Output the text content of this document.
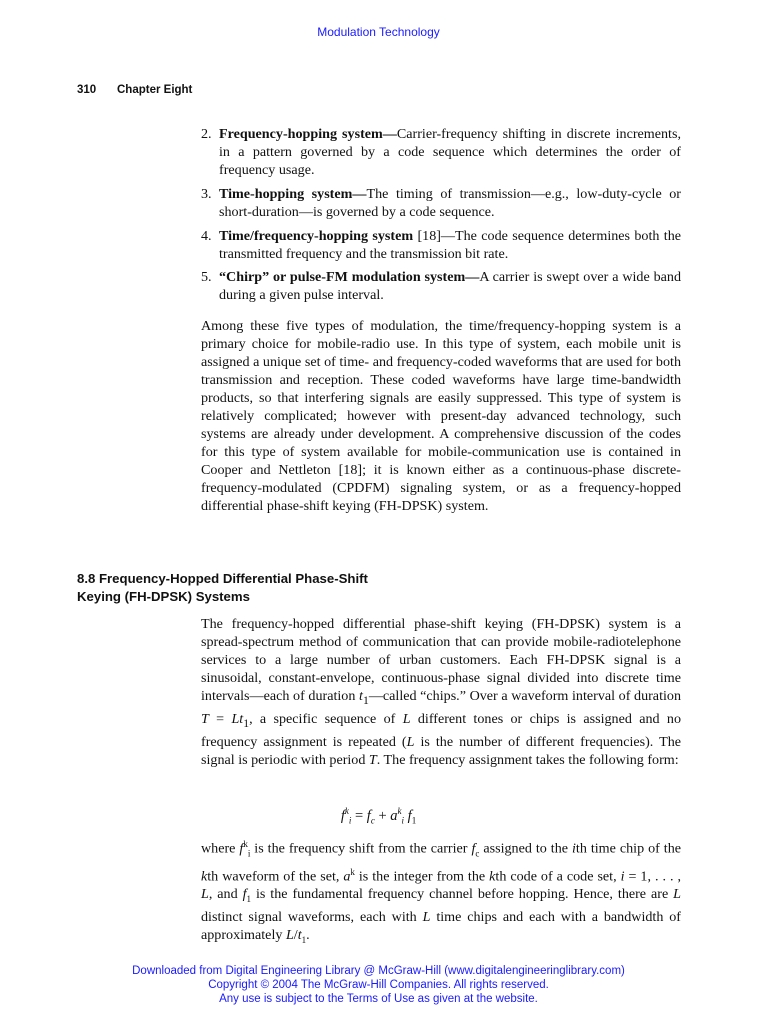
Modulation Technology
310 Chapter Eight
2. Frequency-hopping system—Carrier-frequency shifting in discrete increments, in a pattern governed by a code sequence which determines the order of frequency usage.
3. Time-hopping system—The timing of transmission—e.g., low-duty-cycle or short-duration—is governed by a code sequence.
4. Time/frequency-hopping system [18]—The code sequence determines both the transmitted frequency and the transmission bit rate.
5. “Chirp” or pulse-FM modulation system—A carrier is swept over a wide band during a given pulse interval.
Among these five types of modulation, the time/frequency-hopping system is a primary choice for mobile-radio use. In this type of system, each mobile unit is assigned a unique set of time- and frequency-coded waveforms that are used for both transmission and reception. These coded waveforms have large time-bandwidth products, so that interfering signals are easily suppressed. This type of system is relatively complicated; however with present-day advanced technology, such systems are already under development. A comprehensive discussion of the codes for this type of system available for mobile-communication use is contained in Cooper and Nettleton [18]; it is known either as a continuous-phase discrete-frequency-modulated (CPDFM) signaling system, or as a frequency-hopped differential phase-shift keying (FH-DPSK) system.
8.8 Frequency-Hopped Differential Phase-Shift Keying (FH-DPSK) Systems
The frequency-hopped differential phase-shift keying (FH-DPSK) system is a spread-spectrum method of communication that can provide mobile-radiotelephone services to a large number of urban customers. Each FH-DPSK signal is a sinusoidal, constant-envelope, continuous-phase signal divided into discrete time intervals—each of duration $t_1—called$ “chips.” Over a waveform interval of duration $T = Lt_1$, a specific sequence of L different tones or chips is assigned and no frequency assignment is repeated (L is the number of different frequencies). The signal is periodic with period T. The frequency assignment takes the following form:
$f^k_i = f_c + a^k_i$ $f_1$
where $f^k_i$ is the frequency shift from the carrier $f_c$ assigned to the ith time chip of the kth waveform of the set, $a^k$ is the integer from the kth code of a code set, i = 1, . . . , L, and $f_1$ is the fundamental frequency channel before hopping. Hence, there are L distinct signal waveforms, each with L time chips and each with a bandwidth of approximately $L/t_1$.
Downloaded from Digital Engineering Library @ McGraw-Hill (www.digitalengineeringlibrary.com)
Copyright © 2004 The McGraw-Hill Companies. All rights reserved.
Any use is subject to the Terms of Use as given at the website.
